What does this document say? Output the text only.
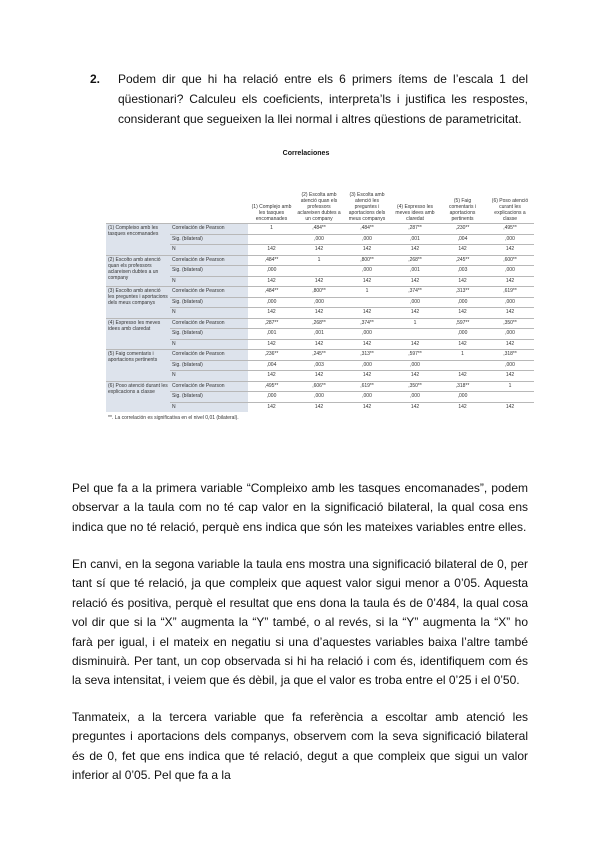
2. Podem dir que hi ha relació entre els 6 primers ítems de l’escala 1 del qüestionari? Calculeu els coeficients, interpreta’ls i justifica les respostes, considerant que segueixen la llei normal i altres qüestions de parametricitat.
Correlaciones
		(1) Complejo amb les tasques encomanades	(2) Escolta amb atenció quan els professors aclareixen dubtes a un company	(3) Escolta amb atenció les preguntes i aportacions dels meus companys	(4) Expresso les meves idees amb claredat	(5) Faig comentaris i aportacions pertinents	(6) Poso atenció curant les explicacions a classe
(1) Compleixo amb les tasques encomanades	Correlación de Pearson	1	,484**	,484**	,287**	,230**	,495**
	Sig. (bilateral)		,000	,000	,001	,004	,000
	N	142	142	142	142	142	142
(2) Escolto amb atenció quan els professors aclareixen dubtes a un company	Correlación de Pearson	,484**	1	,800**	,268**	,245**	,600**
	Sig. (bilateral)	,000		,000	,001	,003	,000
	N	142	142	142	142	142	142
(3) Escolto amb atenció les preguntes i aportacions dels meus companys	Correlación de Pearson	,484**	,800**	1	,374**	,313**	,619**
	Sig. (bilateral)	,000	,000		,000	,000	,000
	N	142	142	142	142	142	142
(4) Expresso les meves idees amb claredat	Correlación de Pearson	,287**	,268**	,374**	1	,597**	,350**
	Sig. (bilateral)	,001	,001	,000		,000	,000
	N	142	142	142	142	142	142
(5) Faig comentaris i aportacions pertinents	Correlación de Pearson	,236**	,245**	,313**	,597**	1	,318**
	Sig. (bilateral)	,004	,003	,000	,000		,000
	N	142	142	142	142	142	142
(6) Poso atenció durant les explicacions a classe	Correlación de Pearson	,495**	,606**	,619**	,350**	,318**	1
	Sig. (bilateral)	,000	,000	,000	,000	,000	
	N	142	142	142	142	142	142
**. La correlación es significativa en el nivel 0,01 (bilateral).
Pel que fa a la primera variable “Compleixo amb les tasques encomanades”, podem observar a la taula com no té cap valor en la significació bilateral, la qual cosa ens indica que no té relació, perquè ens indica que són les mateixes variables entre elles.
En canvi, en la segona variable la taula ens mostra una significació bilateral de 0, per tant sí que té relació, ja que compleix que aquest valor sigui menor a 0’05. Aquesta relació és positiva, perquè el resultat que ens dona la taula és de 0’484, la qual cosa vol dir que si la “X” augmenta la “Y” també, o al revés, si la “Y” augmenta la “X” ho farà per igual, i el mateix en negatiu si una d’aquestes variables baixa l’altre també disminuirà. Per tant, un cop observada si hi ha relació i com és, identifiquem com és la seva intensitat, i veiem que és dèbil, ja que el valor es troba entre el 0’25 i el 0’50.
Tanmateix, a la tercera variable que fa referència a escoltar amb atenció les preguntes i aportacions dels companys, observem com la seva significació bilateral és de 0, fet que ens indica que té relació, degut a que compleix que sigui un valor inferior al 0’05. Pel que fa a la
